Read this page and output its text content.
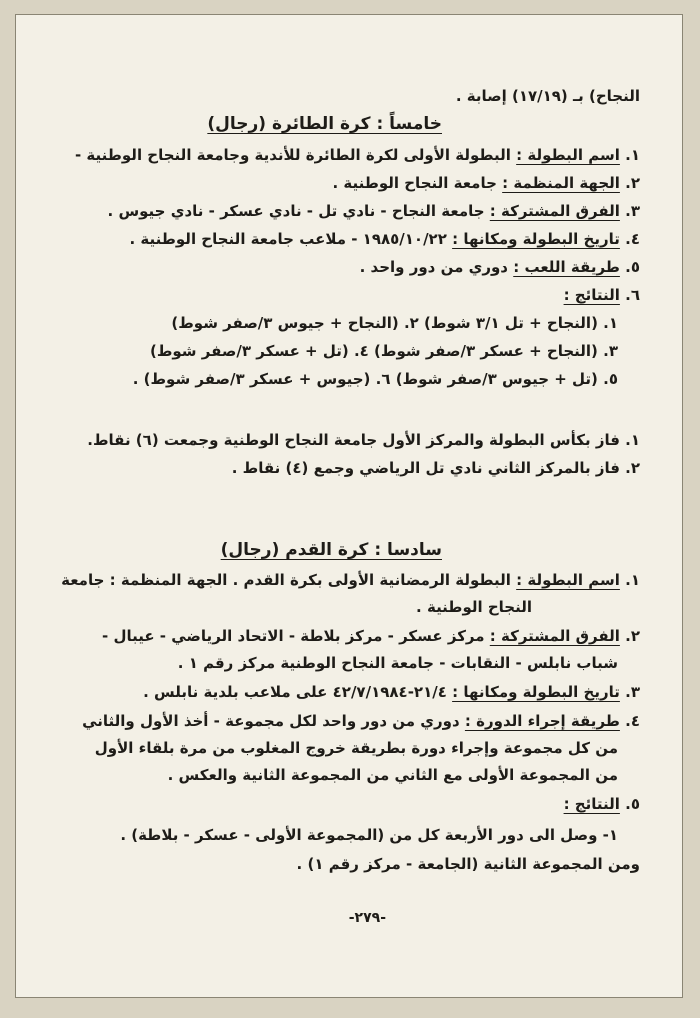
النجاح) بـ (١٧/١٩) إصابة .
خامساً : كرة الطائرة (رجال)
١. اسم البطولة : البطولة الأولى لكرة الطائرة للأندية وجامعة النجاح الوطنية -
٢. الجهة المنظمة : جامعة النجاح الوطنية .
٣. الفرق المشتركة : جامعة النجاح - نادي تل - نادي عسكر - نادي جيوس .
٤. تاريخ البطولة ومكانها : ١٩٨٥/١٠/٢٢ - ملاعب جامعة النجاح الوطنية .
٥. طريقة اللعب : دوري من دور واحد .
٦. النتائج :
١. (النجاح + تل ٣/١ شوط) ٢. (النجاح + جيوس ٣/صفر شوط)
٣. (النجاح + عسكر ٣/صفر شوط) ٤. (تل + عسكر ٣/صفر شوط)
٥. (تل + جيوس ٣/صفر شوط) ٦. (جيوس + عسكر ٣/صفر شوط) .
١. فاز بكأس البطولة والمركز الأول جامعة النجاح الوطنية وجمعت (٦) نقاط.
٢. فاز بالمركز الثاني نادي تل الرياضي وجمع (٤) نقاط .
سادسا : كرة القدم (رجال)
١. اسم البطولة : البطولة الرمضانية الأولى بكرة القدم . الجهة المنظمة : جامعة
النجاح الوطنية .
٢. الفرق المشتركة : مركز عسكر - مركز بلاطة - الاتحاد الرياضي - عيبال -
شباب نابلس - النقابات - جامعة النجاح الوطنية مركز رقم ١ .
٣. تاريخ البطولة ومكانها : ٢١/٤-٤٢/٧/١٩٨٤ على ملاعب بلدية نابلس .
٤. طريقة إجراء الدورة : دوري من دور واحد لكل مجموعة - أخذ الأول والثاني
من كل مجموعة وإجراء دورة بطريقة خروج المغلوب من مرة بلقاء الأول
من المجموعة الأولى مع الثاني من المجموعة الثانية والعكس .
٥. النتائج :
١- وصل الى دور الأربعة كل من (المجموعة الأولى - عسكر - بلاطة) .
ومن المجموعة الثانية (الجامعة - مركز رقم ١) .
-٢٧٩-
